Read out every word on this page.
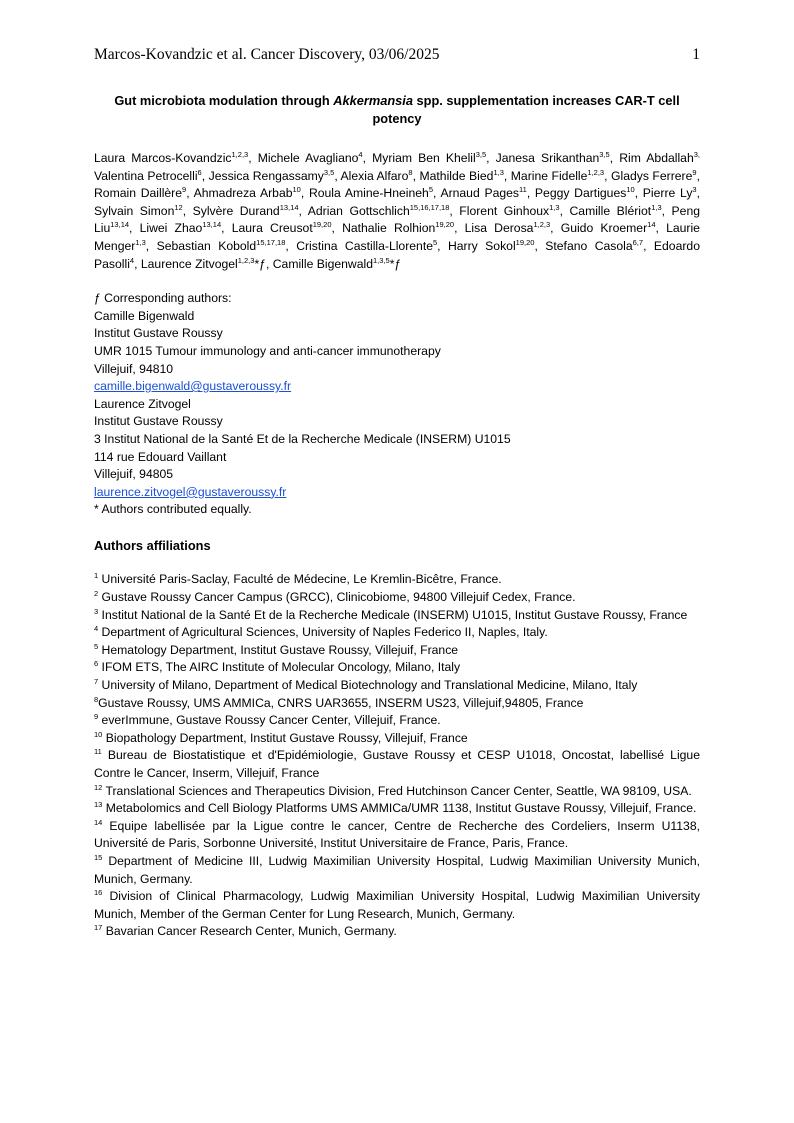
Marcos-Kovandzic et al. Cancer Discovery, 03/06/2025	1
Gut microbiota modulation through Akkermansia spp. supplementation increases CAR-T cell potency

Laura Marcos-Kovandzic$^{1,2,3}$, Michele Avagliano$^4$, Myriam Ben Khelil$^{3,5}$, Janesa Srikanthan$^{3,5}$, Rim Abdallah$^{3,}$ Valentina Petrocelli$^6$, Jessica Rengassamy$^{3,5}$, Alexia Alfaro$^8$, Mathilde Bied$^{1,3}$, Marine Fidelle$^{1,2,3}$, Gladys Ferrere$^9$, Romain Daillère$^9$, Ahmadreza Arbab$^{10}$, Roula Amine-Hneineh$^5$, Arnaud Pages$^{11}$, Peggy Dartigues$^{10}$, Pierre Ly$^3$, Sylvain Simon$^{12}$, Sylvère Durand$^{13,14}$, Adrian Gottschlich$^{15,16,17,18}$, Florent Ginhoux$^{1,3}$, Camille Blériot$^{1,3}$, Peng Liu$^{13,14}$, Liwei Zhao$^{13,14}$, Laura Creusot$^{19,20}$, Nathalie Rolhion$^{19,20}$, Lisa Derosa$^{1,2,3}$, Guido Kroemer$^{14}$, Laurie Menger$^{1,3}$, Sebastian Kobold$^{15,17,18}$, Cristina Castilla-Llorente$^5$, Harry Sokol$^{19,20}$, Stefano Casola$^{6,7}$, Edoardo Pasolli$^4$, Laurence Zitvogel$^{1,2,3}$*ƒ, Camille Bigenwald$^{1,3,5}$*ƒ

ƒ Corresponding authors:
Camille Bigenwald
Institut Gustave Roussy
UMR 1015 Tumour immunology and anti-cancer immunotherapy
Villejuif, 94810
camille.bigenwald@gustaveroussy.fr
Laurence Zitvogel
Institut Gustave Roussy
3 Institut National de la Santé Et de la Recherche Medicale (INSERM) U1015
114 rue Edouard Vaillant
Villejuif, 94805
laurence.zitvogel@gustaveroussy.fr
* Authors contributed equally.
Authors affiliations

$^1$ Université Paris-Saclay, Faculté de Médecine, Le Kremlin-Bicêtre, France.

$^2$ Gustave Roussy Cancer Campus (GRCC), Clinicobiome, 94800 Villejuif Cedex, France.

$^3$ Institut National de la Santé Et de la Recherche Medicale (INSERM) U1015, Institut Gustave Roussy, France

$^4$ Department of Agricultural Sciences, University of Naples Federico II, Naples, Italy.

$^5$ Hematology Department, Institut Gustave Roussy, Villejuif, France

$^6$ IFOM ETS, The AIRC Institute of Molecular Oncology, Milano, Italy

$^7$ University of Milano, Department of Medical Biotechnology and Translational Medicine, Milano, Italy

$^8$Gustave Roussy, UMS AMMICa, CNRS UAR3655, INSERM US23, Villejuif,94805, France

$^9$ everImmune, Gustave Roussy Cancer Center, Villejuif, France.

$^{10}$ Biopathology Department, Institut Gustave Roussy, Villejuif, France

$^{11}$ Bureau de Biostatistique et d'Epidémiologie, Gustave Roussy et CESP U1018, Oncostat, labellisé Ligue Contre le Cancer, Inserm, Villejuif, France

$^{12}$ Translational Sciences and Therapeutics Division, Fred Hutchinson Cancer Center, Seattle, WA 98109, USA.

$^{13}$ Metabolomics and Cell Biology Platforms UMS AMMICa/UMR 1138, Institut Gustave Roussy, Villejuif, France.

$^{14}$ Equipe labellisée par la Ligue contre le cancer, Centre de Recherche des Cordeliers, Inserm U1138, Université de Paris, Sorbonne Université, Institut Universitaire de France, Paris, France.

$^{15}$ Department of Medicine III, Ludwig Maximilian University Hospital, Ludwig Maximilian University Munich, Munich, Germany.

$^{16}$ Division of Clinical Pharmacology, Ludwig Maximilian University Hospital, Ludwig Maximilian University Munich, Member of the German Center for Lung Research, Munich, Germany.

$^{17}$ Bavarian Cancer Research Center, Munich, Germany.
